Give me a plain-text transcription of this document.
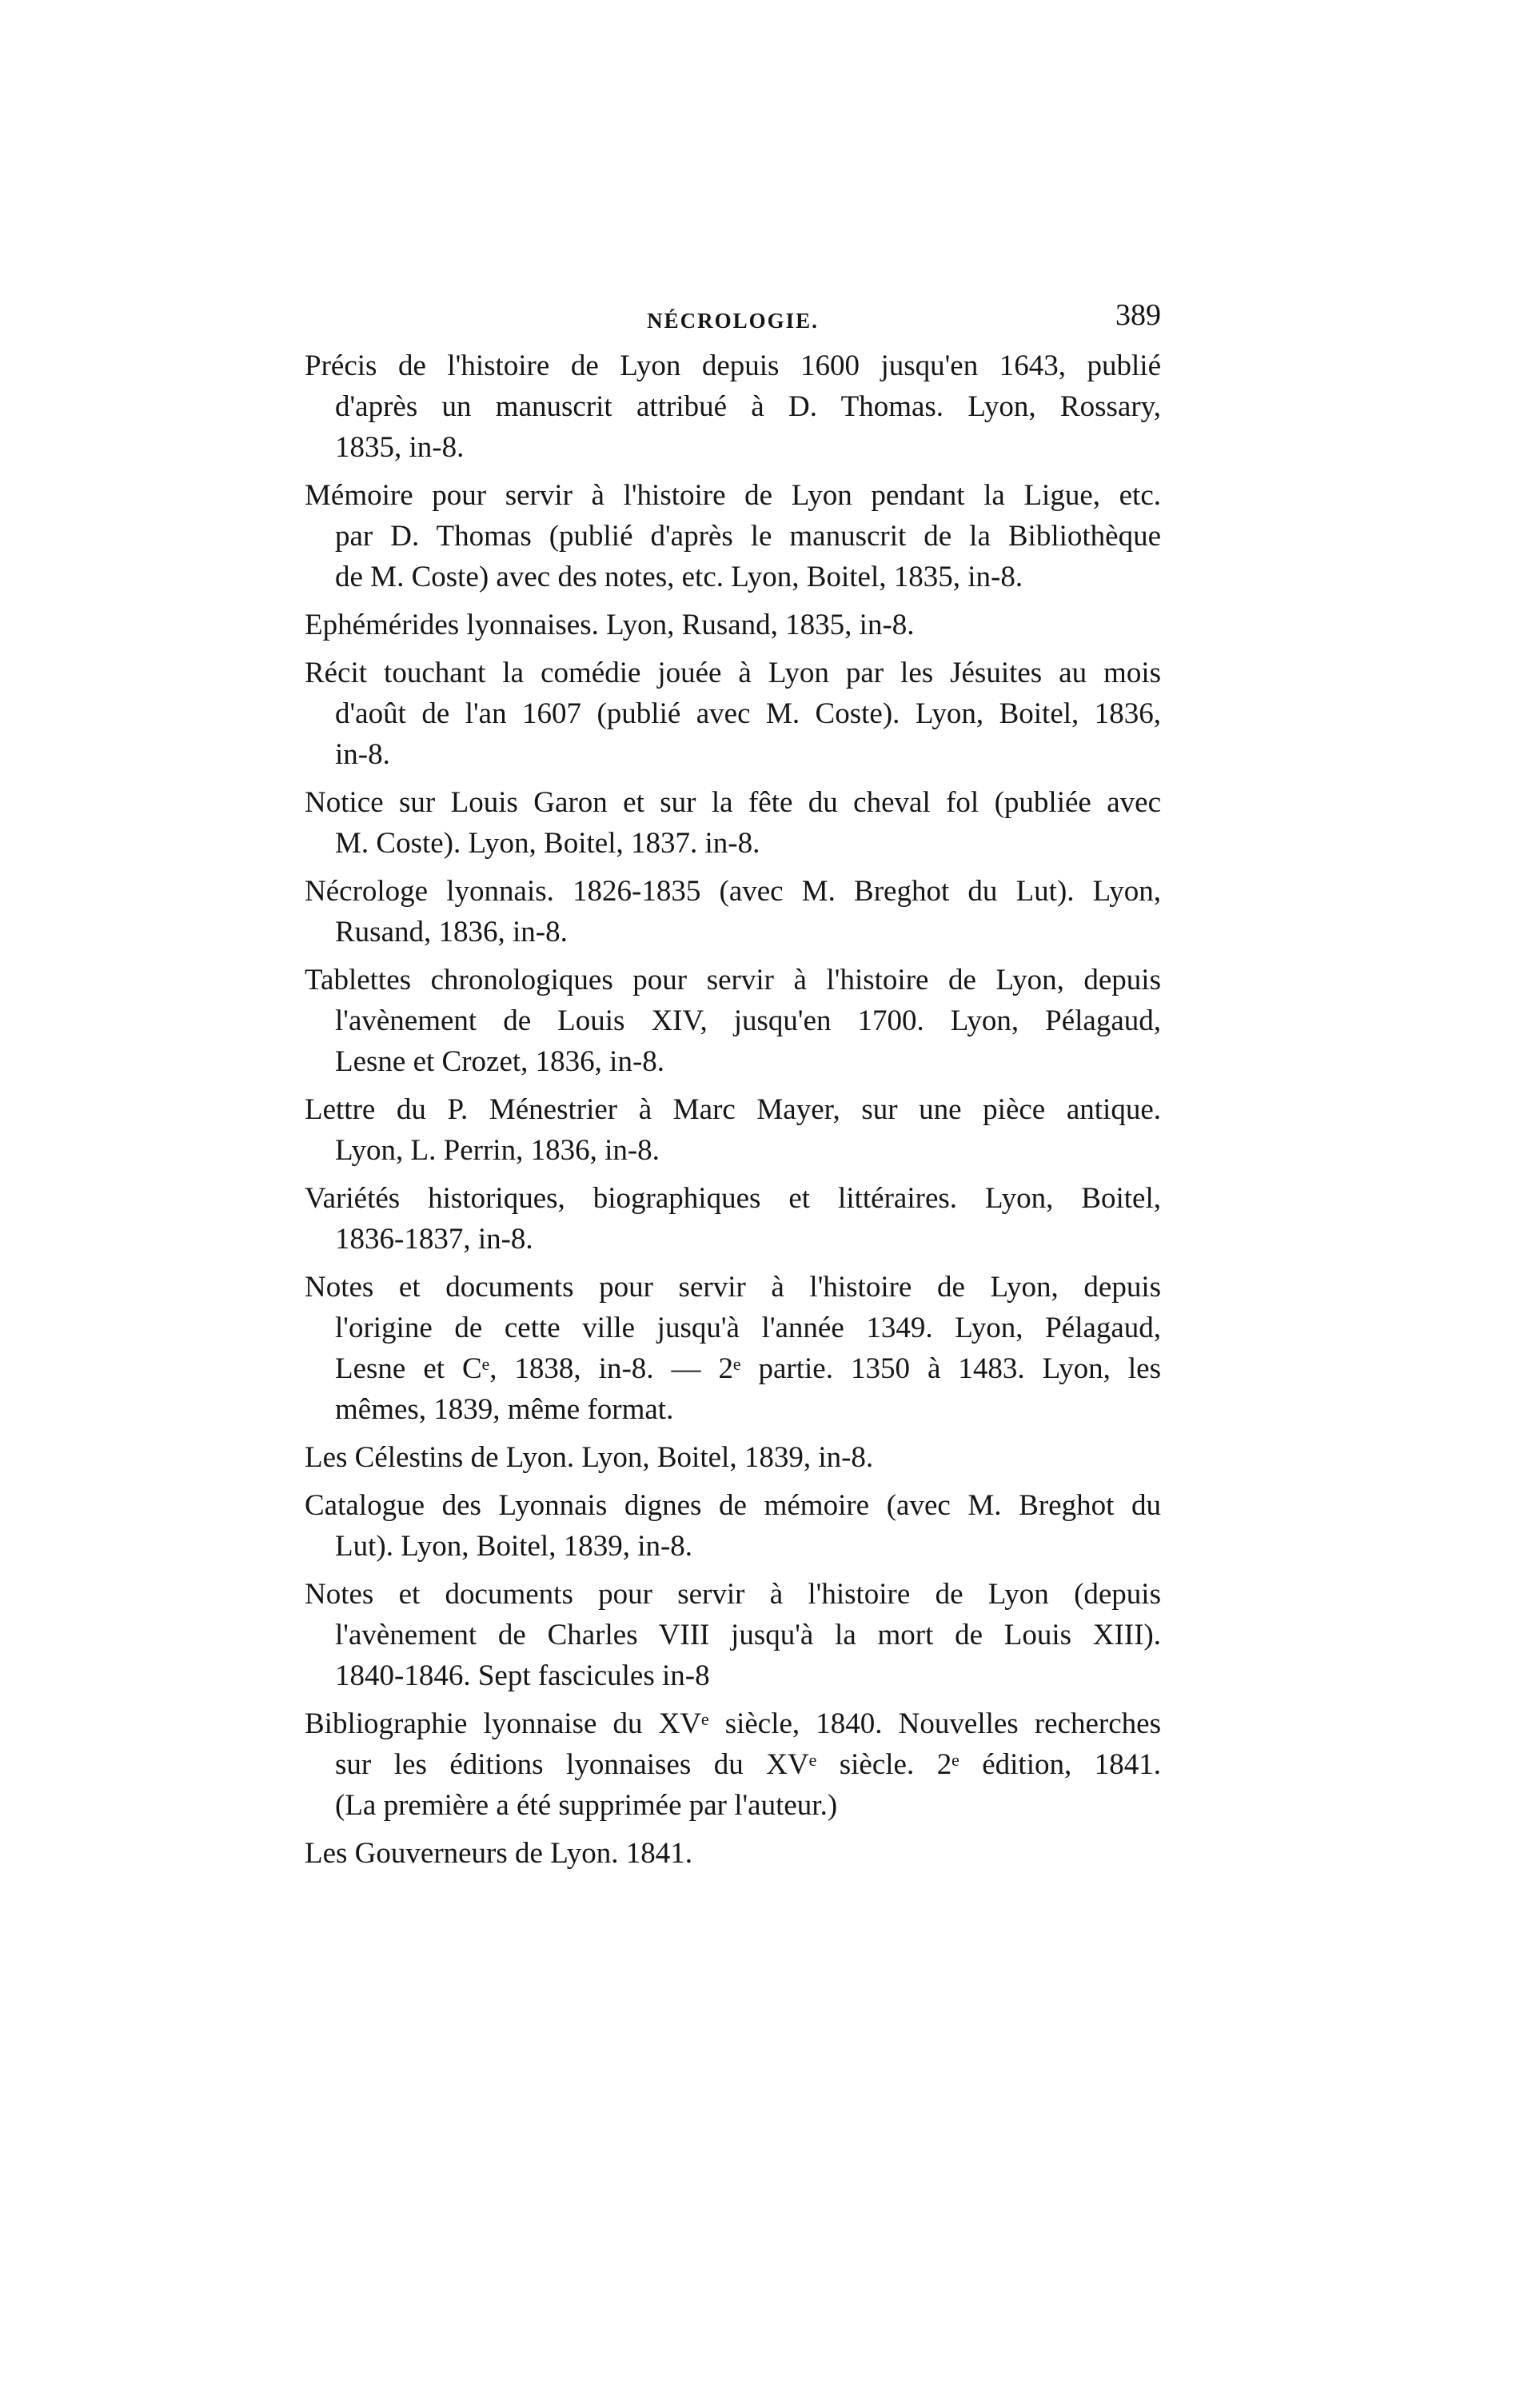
NÉCROLOGIE.	389
Précis de l'histoire de Lyon depuis 1600 jusqu'en 1643, publié
d'après un manuscrit attribué à D. Thomas. Lyon, Rossary,
1835, in-8.
Mémoire pour servir à l'histoire de Lyon pendant la Ligue, etc.
par D. Thomas (publié d'après le manuscrit de la Bibliothèque
de M. Coste) avec des notes, etc. Lyon, Boitel, 1835, in-8.
Ephémérides lyonnaises. Lyon, Rusand, 1835, in-8.
Récit touchant la comédie jouée à Lyon par les Jésuites au mois
d'août de l'an 1607 (publié avec M. Coste). Lyon, Boitel, 1836,
in-8.
Notice sur Louis Garon et sur la fête du cheval fol (publiée avec
M. Coste). Lyon, Boitel, 1837. in-8.
Nécrologe lyonnais. 1826-1835 (avec M. Breghot du Lut). Lyon,
Rusand, 1836, in-8.
Tablettes chronologiques pour servir à l'histoire de Lyon, depuis
l'avènement de Louis XIV, jusqu'en 1700. Lyon, Pélagaud,
Lesne et Crozet, 1836, in-8.
Lettre du P. Ménestrier à Marc Mayer, sur une pièce antique.
Lyon, L. Perrin, 1836, in-8.
Variétés historiques, biographiques et littéraires. Lyon, Boitel,
1836-1837, in-8.
Notes et documents pour servir à l'histoire de Lyon, depuis
l'origine de cette ville jusqu'à l'année 1349. Lyon, Pélagaud,
Lesne et Cᵉ, 1838, in-8. — 2ᵉ partie. 1350 à 1483. Lyon, les
mêmes, 1839, même format.
Les Célestins de Lyon. Lyon, Boitel, 1839, in-8.
Catalogue des Lyonnais dignes de mémoire (avec M. Breghot du
Lut). Lyon, Boitel, 1839, in-8.
Notes et documents pour servir à l'histoire de Lyon (depuis
l'avènement de Charles VIII jusqu'à la mort de Louis XIII).
1840-1846. Sept fascicules in-8
Bibliographie lyonnaise du XVᵉ siècle, 1840. Nouvelles recherches
sur les éditions lyonnaises du XVᵉ siècle. 2ᵉ édition, 1841.
(La première a été supprimée par l'auteur.)
Les Gouverneurs de Lyon. 1841.
